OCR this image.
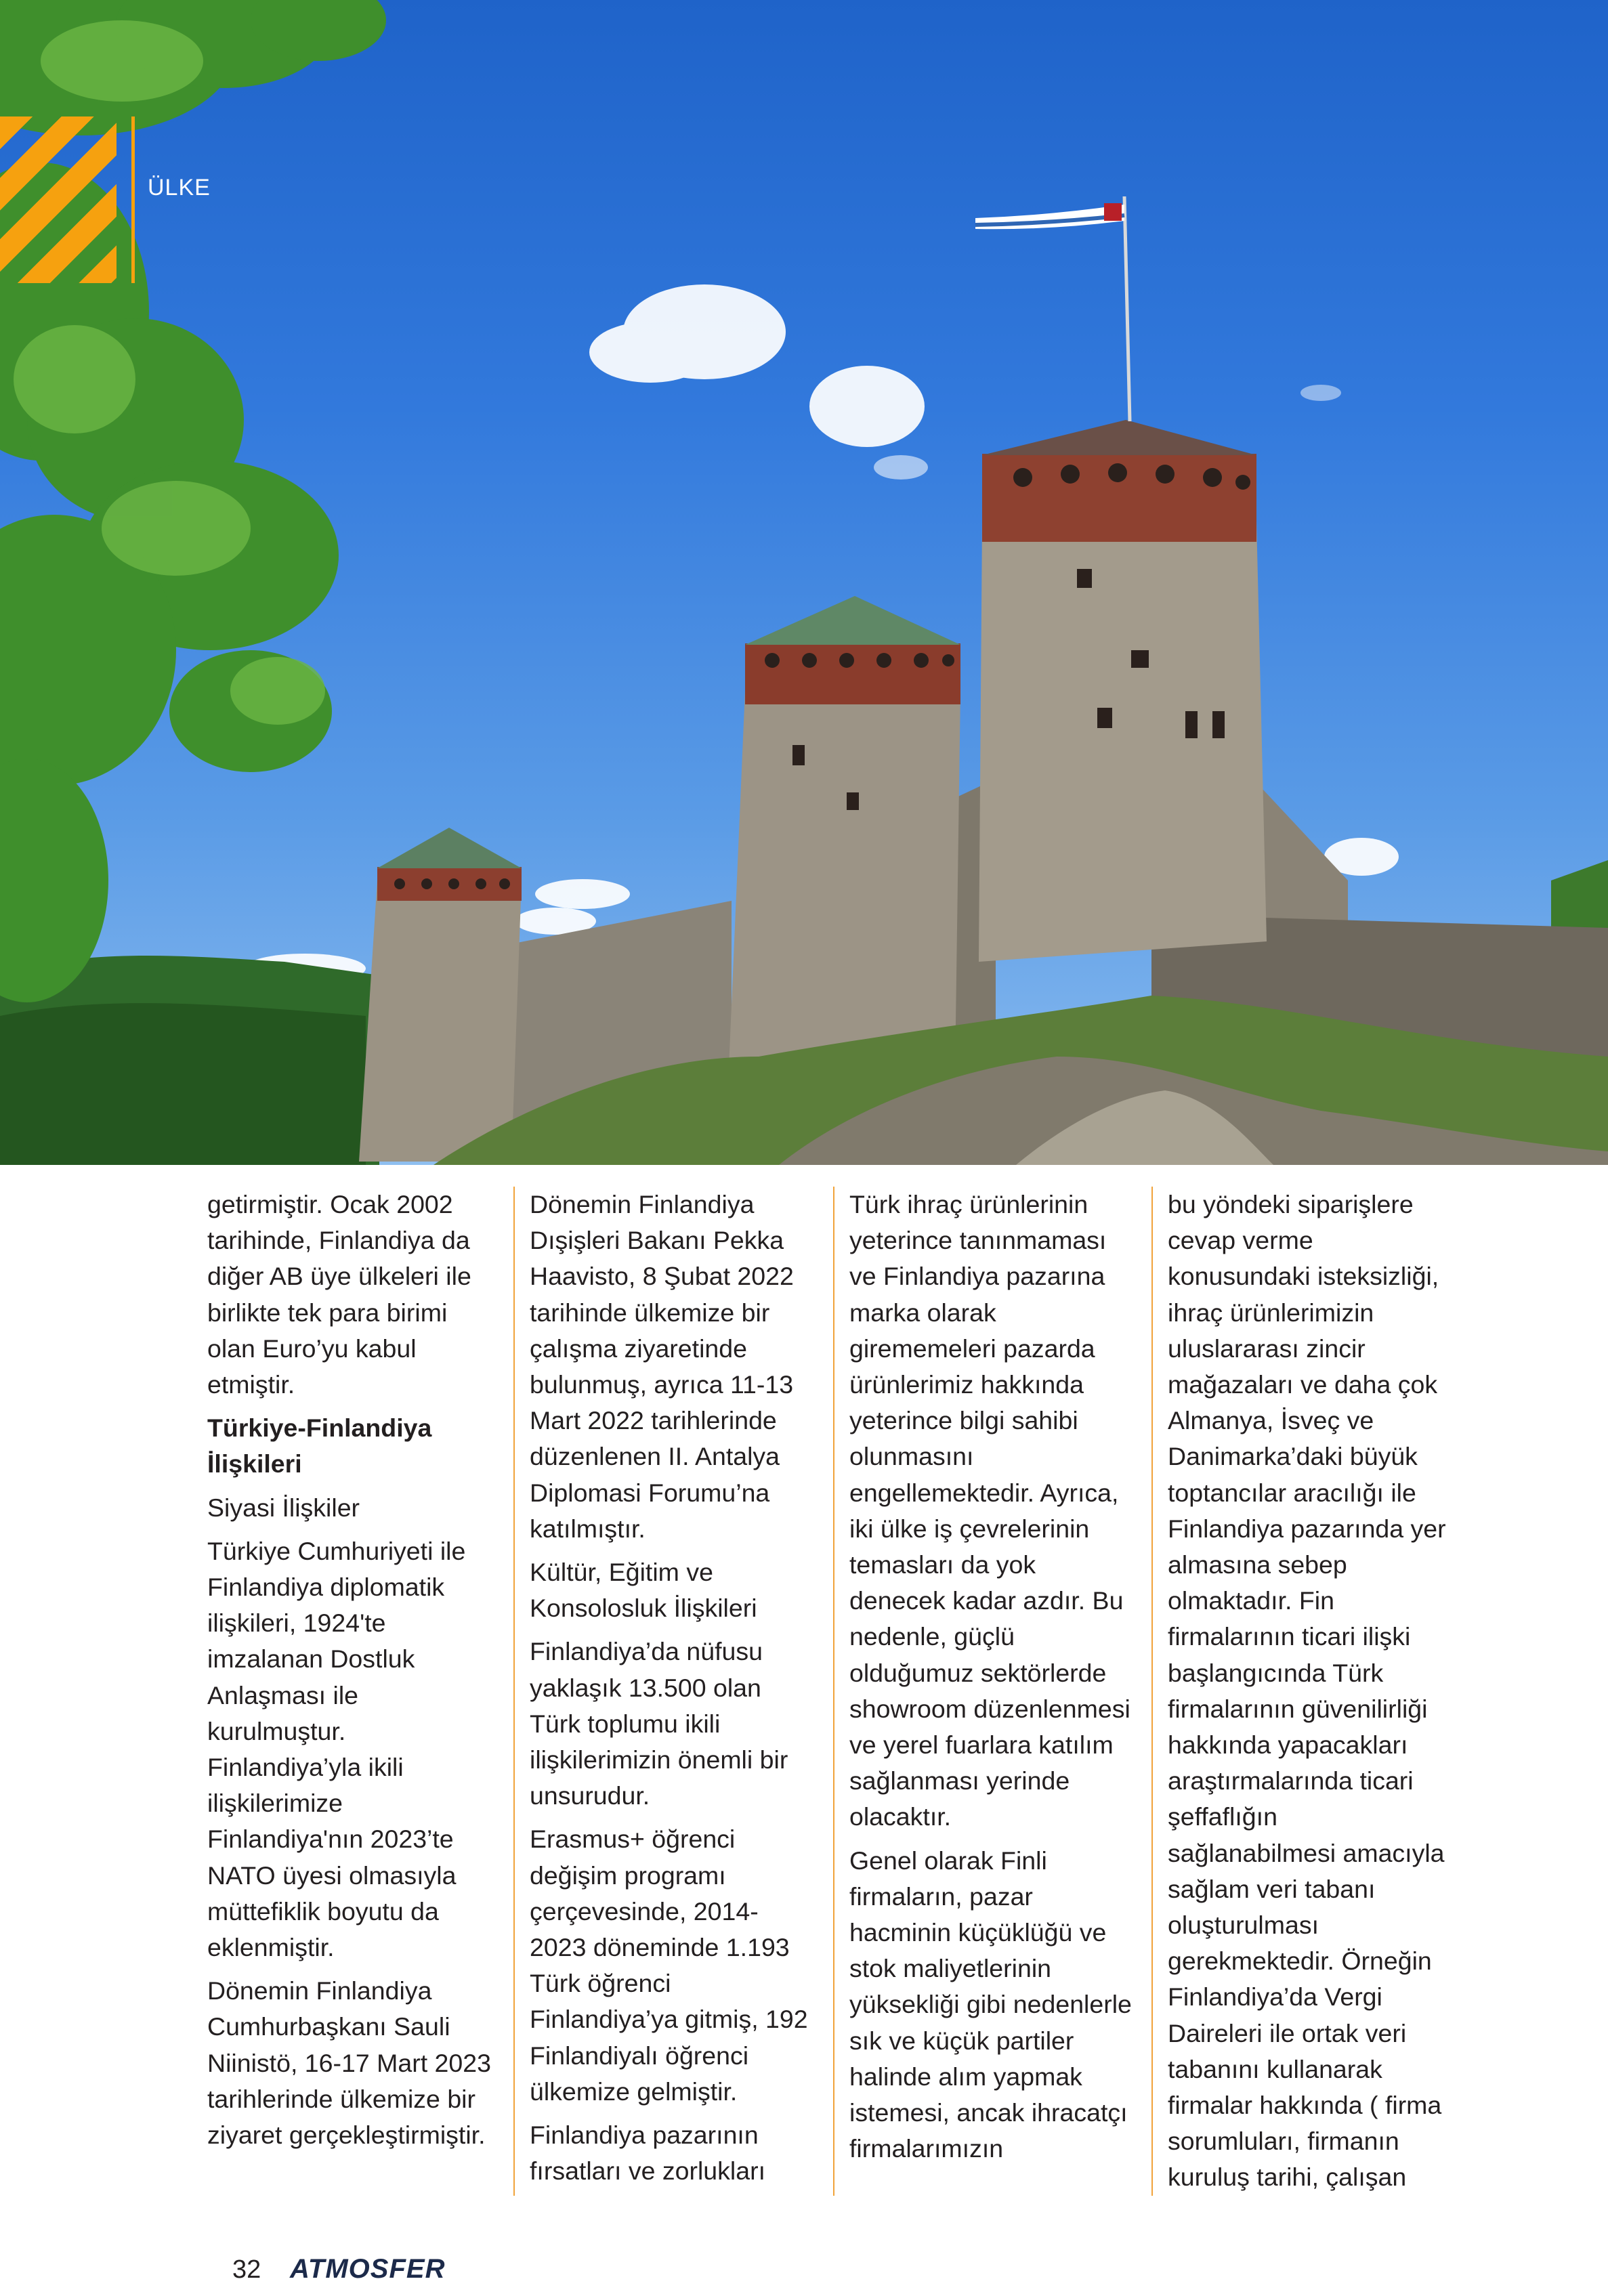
ÜLKE

getirmiştir. Ocak 2002 tarihinde, Finlandiya da diğer AB üye ülkeleri ile birlikte tek para birimi olan Euro’yu kabul etmiştir.

Türkiye-Finlandiya İlişkileri

Siyasi İlişkiler

Türkiye Cumhuriyeti ile Finlandiya diplomatik ilişkileri, 1924'te imzalanan Dostluk Anlaşması ile kurulmuştur. Finlandiya’yla ikili ilişkilerimize Finlandiya'nın 2023’te NATO üyesi olmasıyla müttefiklik boyutu da eklenmiştir.

Dönemin Finlandiya Cumhurbaşkanı Sauli Niinistö, 16-17 Mart 2023 tarihlerinde ülkemize bir ziyaret gerçekleştirmiştir.

Dönemin Finlandiya Dışişleri Bakanı Pekka Haavisto, 8 Şubat 2022 tarihinde ülkemize bir çalışma ziyaretinde bulunmuş, ayrıca 11-13 Mart 2022 tarihlerinde düzenlenen II. Antalya Diplomasi Forumu’na katılmıştır.

Kültür, Eğitim ve Konsolosluk İlişkileri

Finlandiya’da nüfusu yaklaşık 13.500 olan Türk toplumu ikili ilişkilerimizin önemli bir unsurudur.

Erasmus+ öğrenci değişim programı çerçevesinde, 2014-2023 döneminde 1.193 Türk öğrenci Finlandiya’ya gitmiş, 192 Finlandiyalı öğrenci ülkemize gelmiştir.

Finlandiya pazarının fırsatları ve zorlukları

Türk ihraç ürünlerinin yeterince tanınmaması ve Finlandiya pazarına marka olarak girememeleri pazarda ürünlerimiz hakkında yeterince bilgi sahibi olunmasını engellemektedir. Ayrıca, iki ülke iş çevrelerinin temasları da yok denecek kadar azdır. Bu nedenle, güçlü olduğumuz sektörlerde showroom düzenlenmesi ve yerel fuarlara katılım sağlanması yerinde olacaktır.

Genel olarak Finli firmaların, pazar hacminin küçüklüğü ve stok maliyetlerinin yüksekliği gibi nedenlerle sık ve küçük partiler halinde alım yapmak istemesi, ancak ihracatçı firmalarımızın

bu yöndeki siparişlere cevap verme konusundaki isteksizliği, ihraç ürünlerimizin uluslararası zincir mağazaları ve daha çok Almanya, İsveç ve Danimarka’daki büyük toptancılar aracılığı ile Finlandiya pazarında yer almasına sebep olmaktadır. Fin firmalarının ticari ilişki başlangıcında Türk firmalarının güvenilirliği hakkında yapacakları araştırmalarında ticari şeffaflığın sağlanabilmesi amacıyla sağlam veri tabanı oluşturulması gerekmektedir. Örneğin Finlandiya’da Vergi Daireleri ile ortak veri tabanını kullanarak firmalar hakkında ( firma sorumluları, firmanın kuruluş tarihi, çalışan

32 ATMOSFER
